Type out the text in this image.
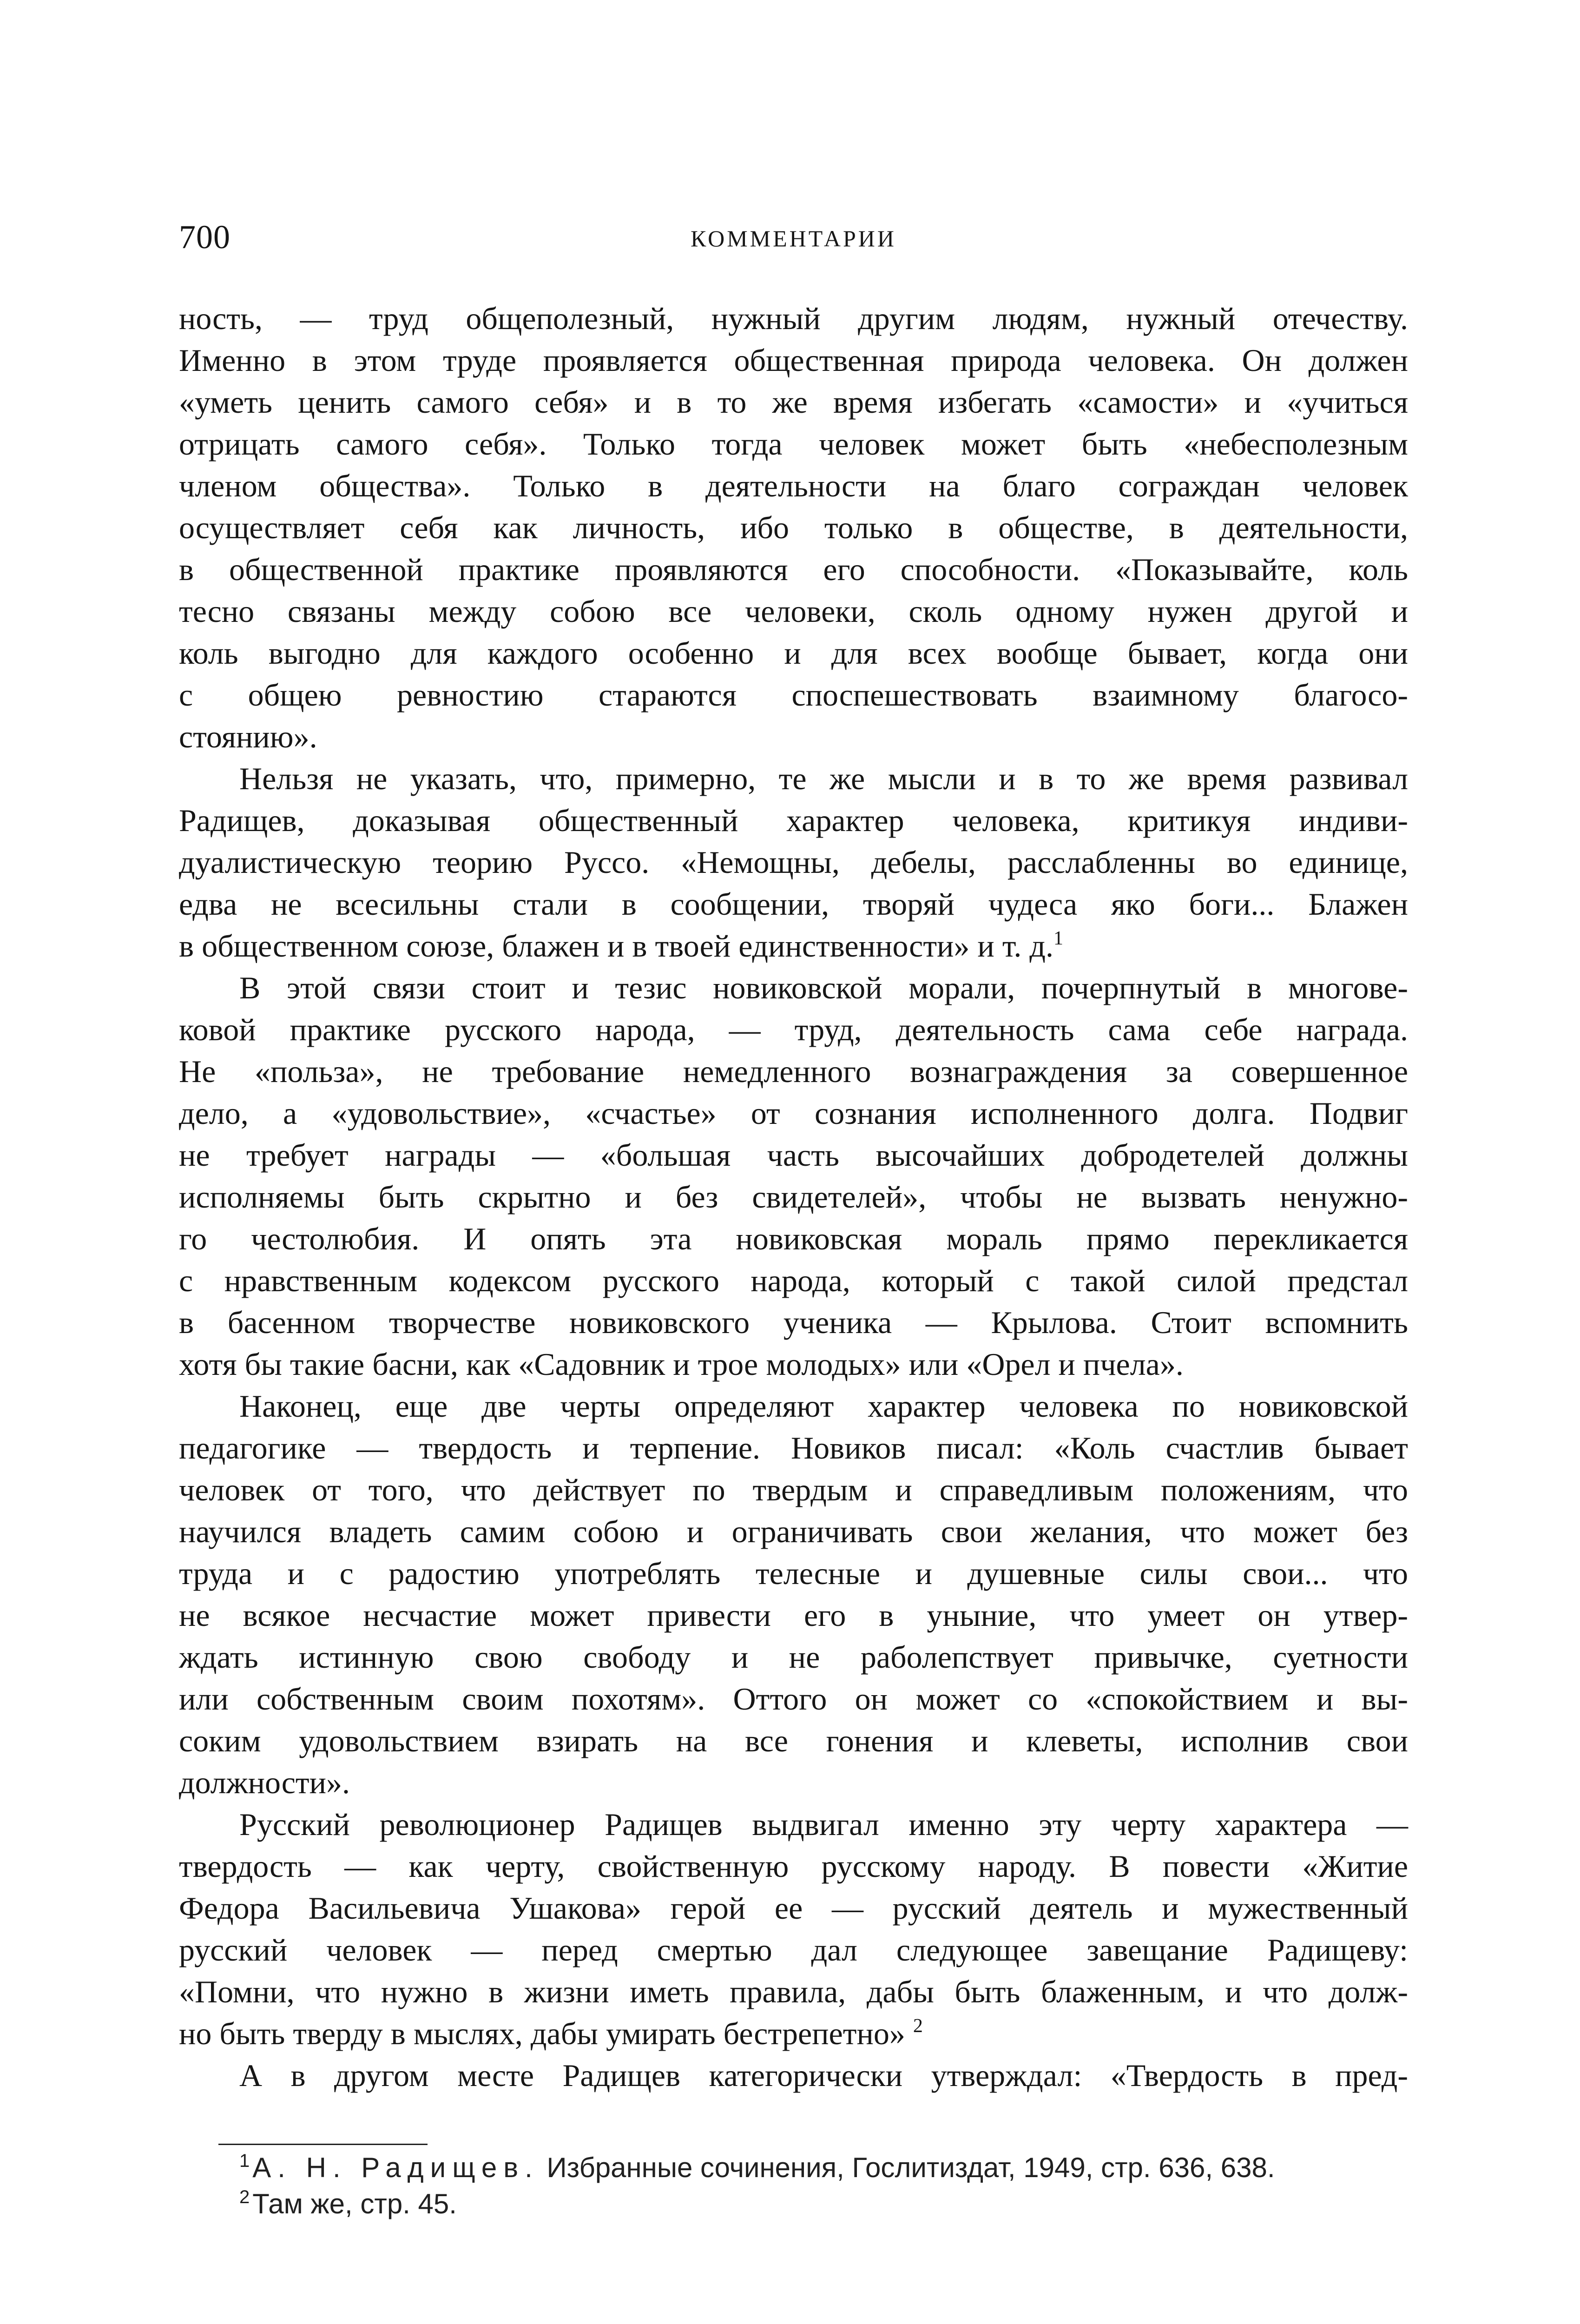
700	КОММЕНТАРИИ

ность, — труд общеполезный, нужный другим людям, нужный отечеству.
Именно в этом труде проявляется общественная природа человека. Он должен
«уметь ценить самого себя» и в то же время избегать «самости» и «учиться
отрицать самого себя». Только тогда человек может быть «небесполезным
членом общества». Только в деятельности на благо сограждан человек
осуществляет себя как личность, ибо только в обществе, в деятельности,
в общественной практике проявляются его способности. «Показывайте, коль
тесно связаны между собою все человеки, сколь одному нужен другой и
коль выгодно для каждого особенно и для всех вообще бывает, когда они
с общею ревностию стараются споспешествовать взаимному благосо-
стоянию».

Нельзя не указать, что, примерно, те же мысли и в то же время развивал
Радищев, доказывая общественный характер человека, критикуя индиви-
дуалистическую теорию Руссо. «Немощны, дебелы, расслабленны во единице,
едва не всесильны стали в сообщении, творяй чудеса яко боги... Блажен
в общественном союзе, блажен и в твоей единственности» и т. д.$^1$

В этой связи стоит и тезис новиковской морали, почерпнутый в многове-
ковой практике русского народа, — труд, деятельность сама себе награда.
Не «польза», не требование немедленного вознаграждения за совершенное
дело, а «удовольствие», «счастье» от сознания исполненного долга. Подвиг
не требует награды — «большая часть высочайших добродетелей должны
исполняемы быть скрытно и без свидетелей», чтобы не вызвать ненужно-
го честолюбия. И опять эта новиковская мораль прямо перекликается
с нравственным кодексом русского народа, который с такой силой предстал
в басенном творчестве новиковского ученика — Крылова. Стоит вспомнить
хотя бы такие басни, как «Садовник и трое молодых» или «Орел и пчела».

Наконец, еще две черты определяют характер человека по новиковской
педагогике — твердость и терпение. Новиков писал: «Коль счастлив бывает
человек от того, что действует по твердым и справедливым положениям, что
научился владеть самим собою и ограничивать свои желания, что может без
труда и с радостию употреблять телесные и душевные силы свои... что
не всякое несчастие может привести его в уныние, что умеет он утвер-
ждать истинную свою свободу и не раболепствует привычке, суетности
или собственным своим похотям». Оттого он может со «спокойствием и вы-
соким удовольствием взирать на все гонения и клеветы, исполнив свои
должности».

Русский революционер Радищев выдвигал именно эту черту характера —
твердость — как черту, свойственную русскому народу. В повести «Житие
Федора Васильевича Ушакова» герой ее — русский деятель и мужественный
русский человек — перед смертью дал следующее завещание Радищеву:
«Помни, что нужно в жизни иметь правила, дабы быть блаженным, и что долж-
но быть тверду в мыслях, дабы умирать бестрепетно» $^2$

А в другом месте Радищев категорически утверждал: «Твердость в пред-

$^1$ А. Н. Радищев. Избранные сочинения, Гослитиздат, 1949, стр. 636, 638.

$^2$ Там же, стр. 45.
